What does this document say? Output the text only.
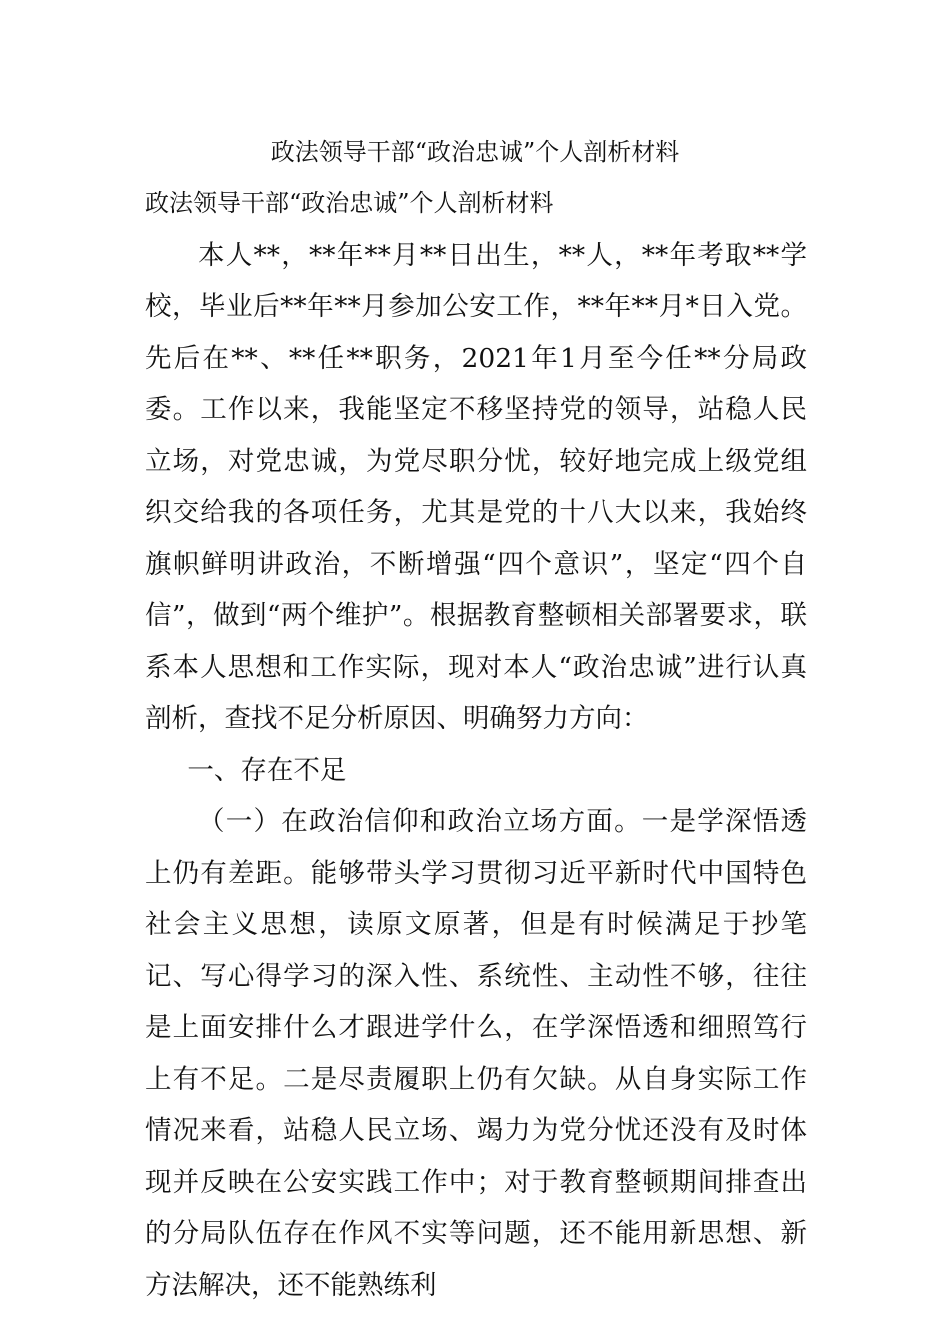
政法领导干部“政治忠诚”个人剖析材料

政法领导干部“政治忠诚”个人剖析材料

本人**，**年**月**日出生，**人，**年考取**学校，毕业后**年**月参加公安工作，**年**月*日入党。先后在**、**任**职务，2021年1月至今任**分局政委。工作以来，我能坚定不移坚持党的领导，站稳人民立场，对党忠诚，为党尽职分忧，较好地完成上级党组织交给我的各项任务，尤其是党的十八大以来，我始终旗帜鲜明讲政治，不断增强“四个意识”，坚定“四个自信”，做到“两个维护”。根据教育整顿相关部署要求，联系本人思想和工作实际，现对本人“政治忠诚”进行认真剖析，查找不足分析原因、明确努力方向：

一、存在不足

（一）在政治信仰和政治立场方面。一是学深悟透上仍有差距。能够带头学习贯彻习近平新时代中国特色社会主义思想，读原文原著，但是有时候满足于抄笔记、写心得学习的深入性、系统性、主动性不够，往往是上面安排什么才跟进学什么，在学深悟透和细照笃行上有不足。二是尽责履职上仍有欠缺。从自身实际工作情况来看，站稳人民立场、竭力为党分忧还没有及时体现并反映在公安实践工作中；对于教育整顿期间排查出的分局队伍存在作风不实等问题，还不能用新思想、新方法解决，还不能熟练利
